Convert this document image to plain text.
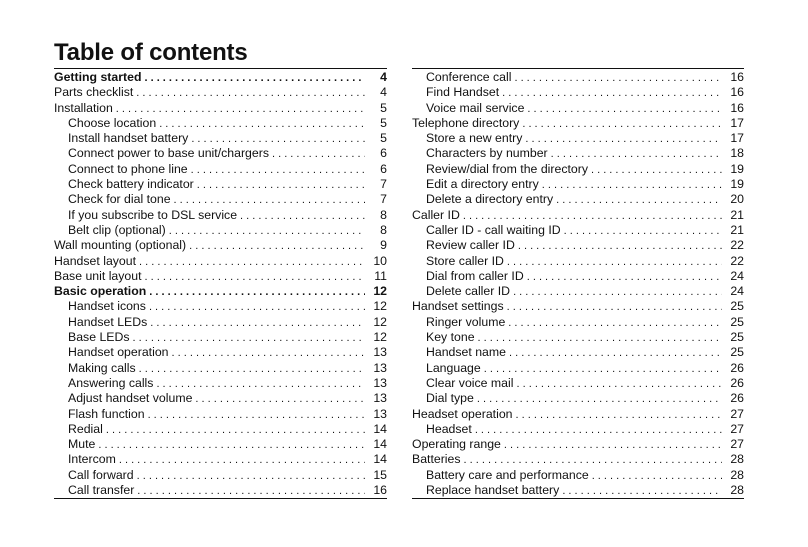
Table of contents
Getting started . . .	4
Parts checklist . . .	4
Installation . . .	5
Choose location . . .	5
Install handset battery . . .	5
Connect power to base unit/chargers . . .	6
Connect to phone line . . .	6
Check battery indicator . . .	7
Check for dial tone . . .	7
If you subscribe to DSL service . . .	8
Belt clip (optional) . . .	8
Wall mounting (optional) . . .	9
Handset layout . . .	10
Base unit layout . . .	11
Basic operation . . .	12
Handset icons . . .	12
Handset LEDs . . .	12
Base LEDs . . .	12
Handset operation . . .	13
Making calls . . .	13
Answering calls . . .	13
Adjust handset volume . . .	13
Flash function . . .	13
Redial . . .	14
Mute . . .	14
Intercom . . .	14
Call forward . . .	15
Call transfer . . .	16
Conference call . . .	16
Find Handset . . .	16
Voice mail service . . .	16
Telephone directory . . .	17
Store a new entry . . .	17
Characters by number . . .	18
Review/dial from the directory . . .	19
Edit a directory entry . . .	19
Delete a directory entry . . .	20
Caller ID . . .	21
Caller ID - call waiting ID . . .	21
Review caller ID . . .	22
Store caller ID . . .	22
Dial from caller ID . . .	24
Delete caller ID . . .	24
Handset settings . . .	25
Ringer volume . . .	25
Key tone . . .	25
Handset name . . .	25
Language . . .	26
Clear voice mail . . .	26
Dial type . . .	26
Headset operation . . .	27
Headset . . .	27
Operating range . . .	27
Batteries . . .	28
Battery care and performance . . .	28
Replace handset battery . . .	28
